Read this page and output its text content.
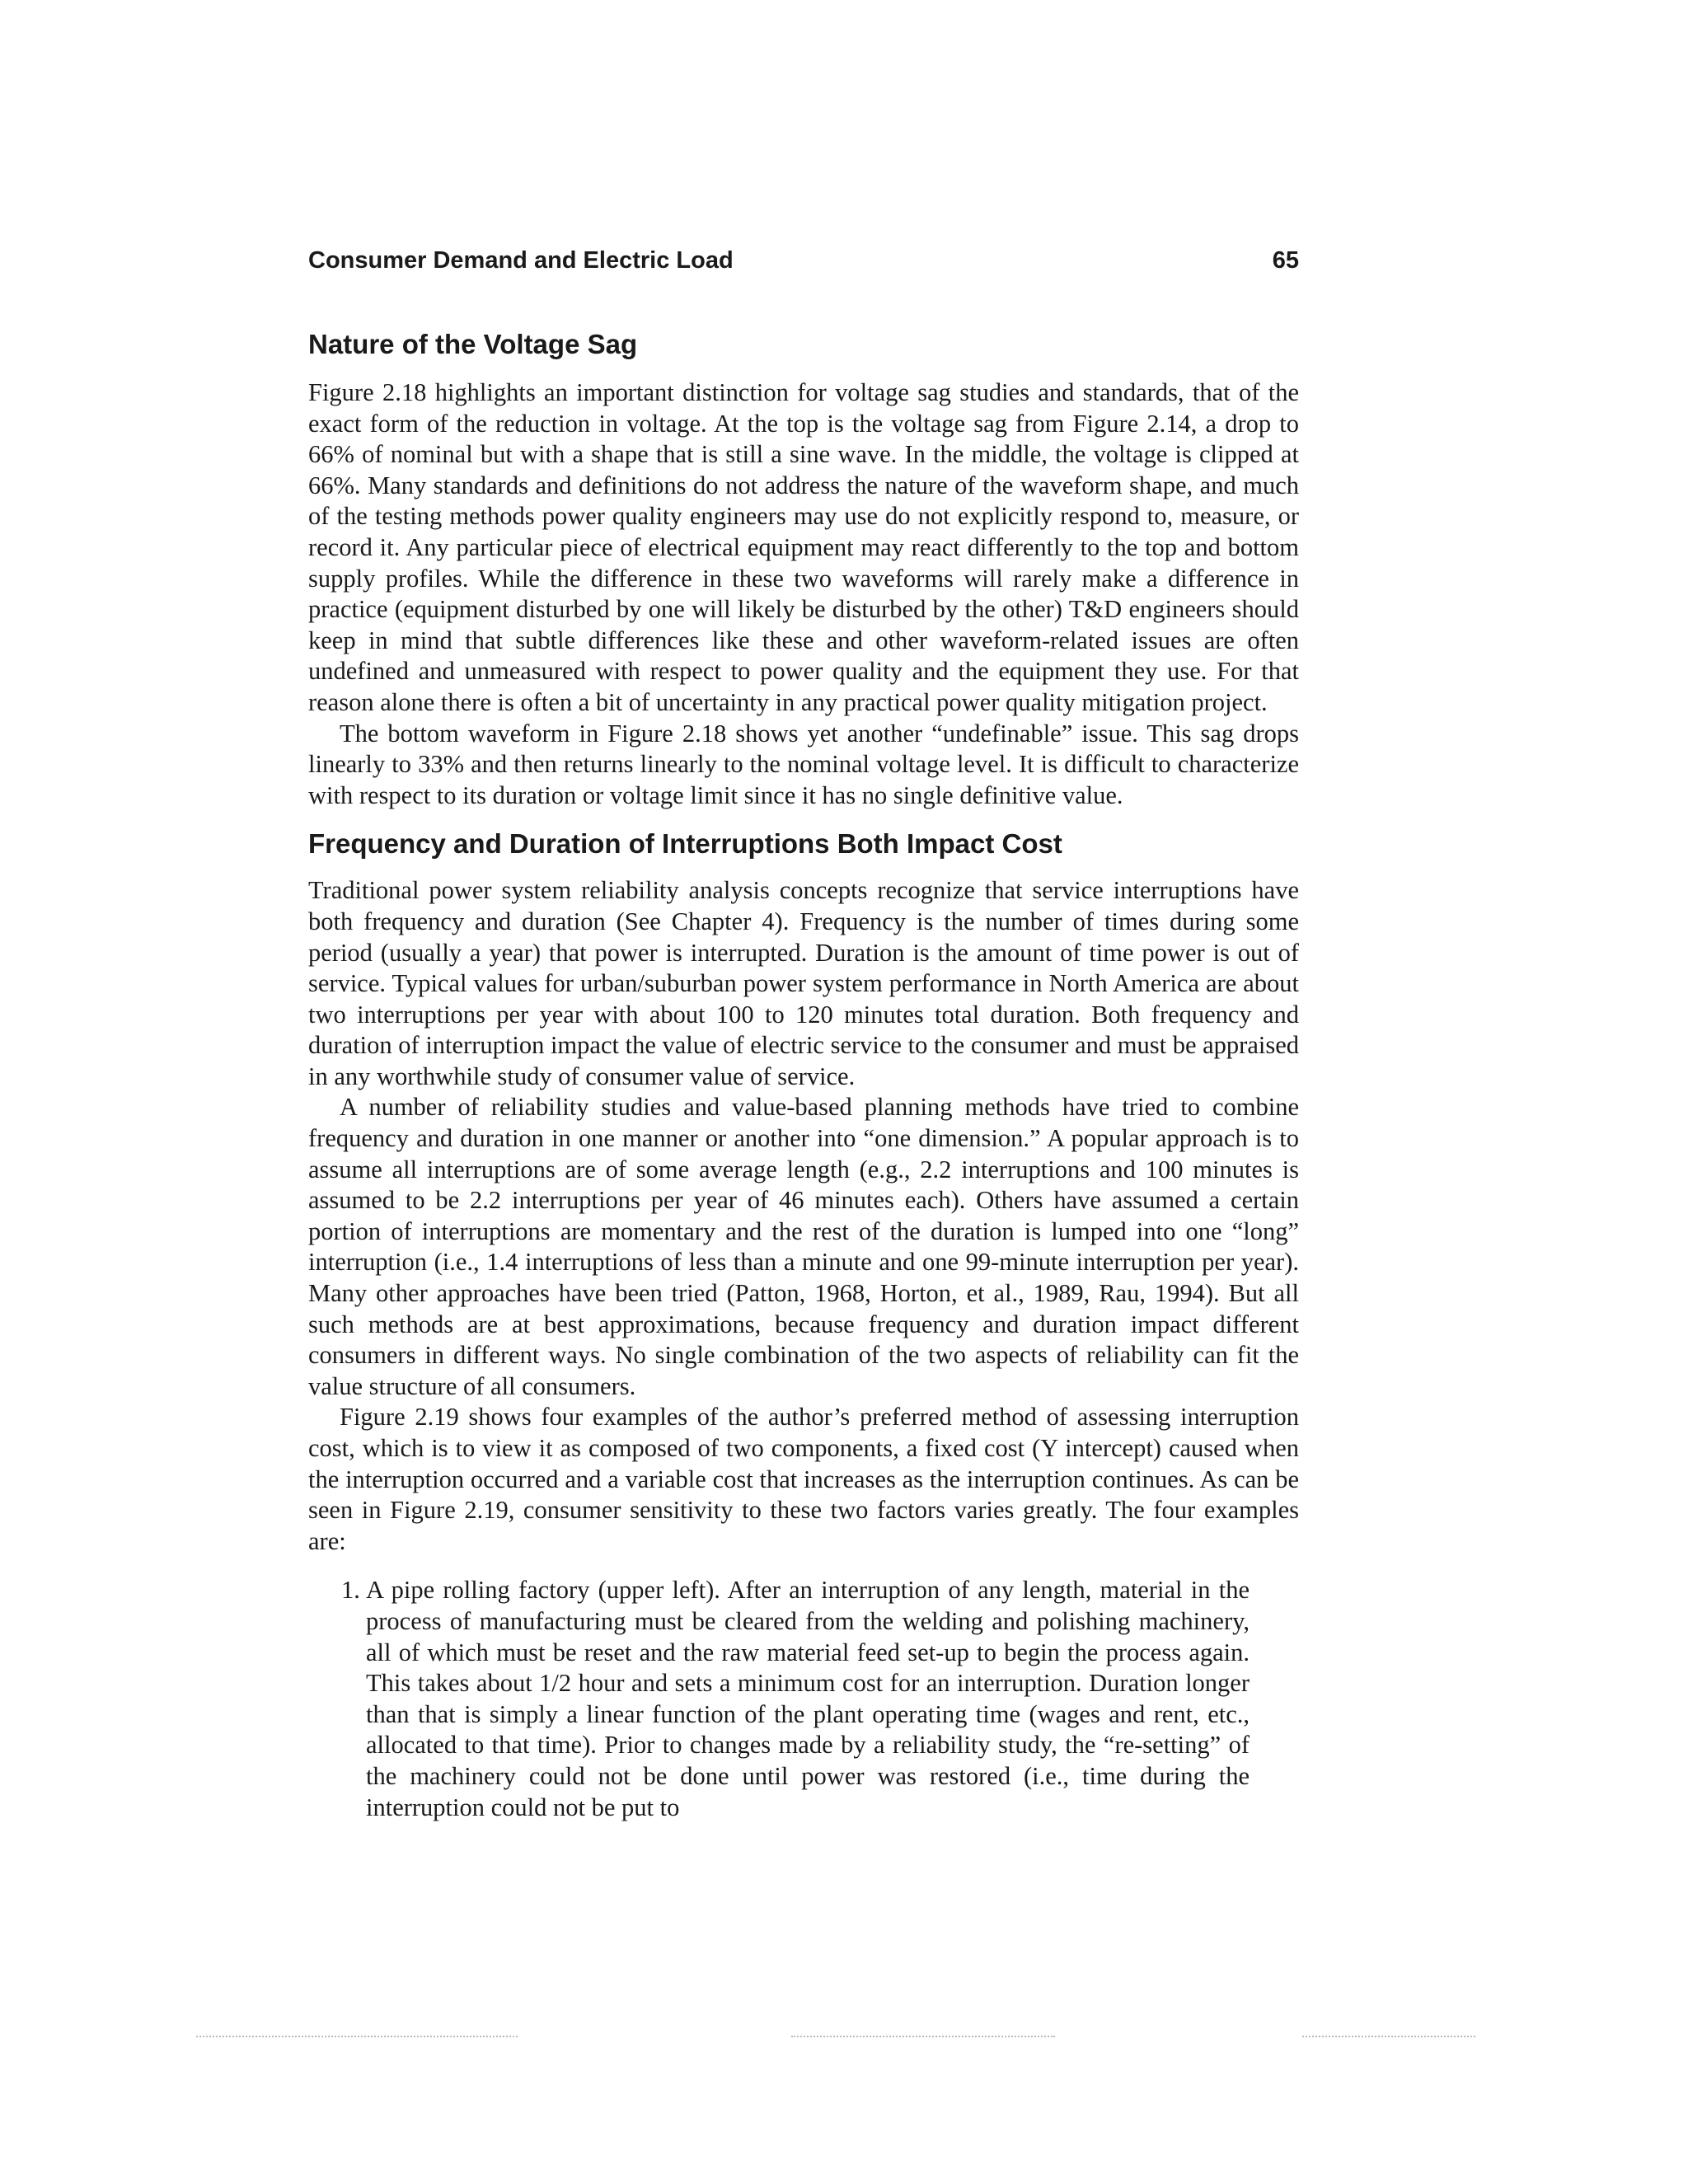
Consumer Demand and Electric Load	65
Nature of the Voltage Sag

Figure 2.18 highlights an important distinction for voltage sag studies and standards, that of the exact form of the reduction in voltage. At the top is the voltage sag from Figure 2.14, a drop to 66% of nominal but with a shape that is still a sine wave. In the middle, the voltage is clipped at 66%. Many standards and definitions do not address the nature of the waveform shape, and much of the testing methods power quality engineers may use do not explicitly respond to, measure, or record it. Any particular piece of electrical equipment may react differently to the top and bottom supply profiles. While the difference in these two waveforms will rarely make a difference in practice (equipment disturbed by one will likely be disturbed by the other) T&D engineers should keep in mind that subtle differences like these and other waveform-related issues are often undefined and unmeasured with respect to power quality and the equipment they use. For that reason alone there is often a bit of uncertainty in any practical power quality mitigation project.

The bottom waveform in Figure 2.18 shows yet another “undefinable” issue. This sag drops linearly to 33% and then returns linearly to the nominal voltage level. It is difficult to characterize with respect to its duration or voltage limit since it has no single definitive value.

Frequency and Duration of Interruptions Both Impact Cost

Traditional power system reliability analysis concepts recognize that service interruptions have both frequency and duration (See Chapter 4). Frequency is the number of times during some period (usually a year) that power is interrupted. Duration is the amount of time power is out of service. Typical values for urban/suburban power system performance in North America are about two interruptions per year with about 100 to 120 minutes total duration. Both frequency and duration of interruption impact the value of electric service to the consumer and must be appraised in any worthwhile study of consumer value of service.

A number of reliability studies and value-based planning methods have tried to combine frequency and duration in one manner or another into “one dimension.” A popular approach is to assume all interruptions are of some average length (e.g., 2.2 interruptions and 100 minutes is assumed to be 2.2 interruptions per year of 46 minutes each). Others have assumed a certain portion of interruptions are momentary and the rest of the duration is lumped into one “long” interruption (i.e., 1.4 interruptions of less than a minute and one 99-minute interruption per year). Many other approaches have been tried (Patton, 1968, Horton, et al., 1989, Rau, 1994). But all such methods are at best approximations, because frequency and duration impact different consumers in different ways. No single combination of the two aspects of reliability can fit the value structure of all consumers.

Figure 2.19 shows four examples of the author’s preferred method of assessing interruption cost, which is to view it as composed of two components, a fixed cost (Y intercept) caused when the interruption occurred and a variable cost that increases as the interruption continues. As can be seen in Figure 2.19, consumer sensitivity to these two factors varies greatly. The four examples are:

1. A pipe rolling factory (upper left). After an interruption of any length, material in the process of manufacturing must be cleared from the welding and polishing machinery, all of which must be reset and the raw material feed set-up to begin the process again. This takes about 1/2 hour and sets a minimum cost for an interruption. Duration longer than that is simply a linear function of the plant operating time (wages and rent, etc., allocated to that time). Prior to changes made by a reliability study, the “re-setting” of the machinery could not be done until power was restored (i.e., time during the interruption could not be put to
